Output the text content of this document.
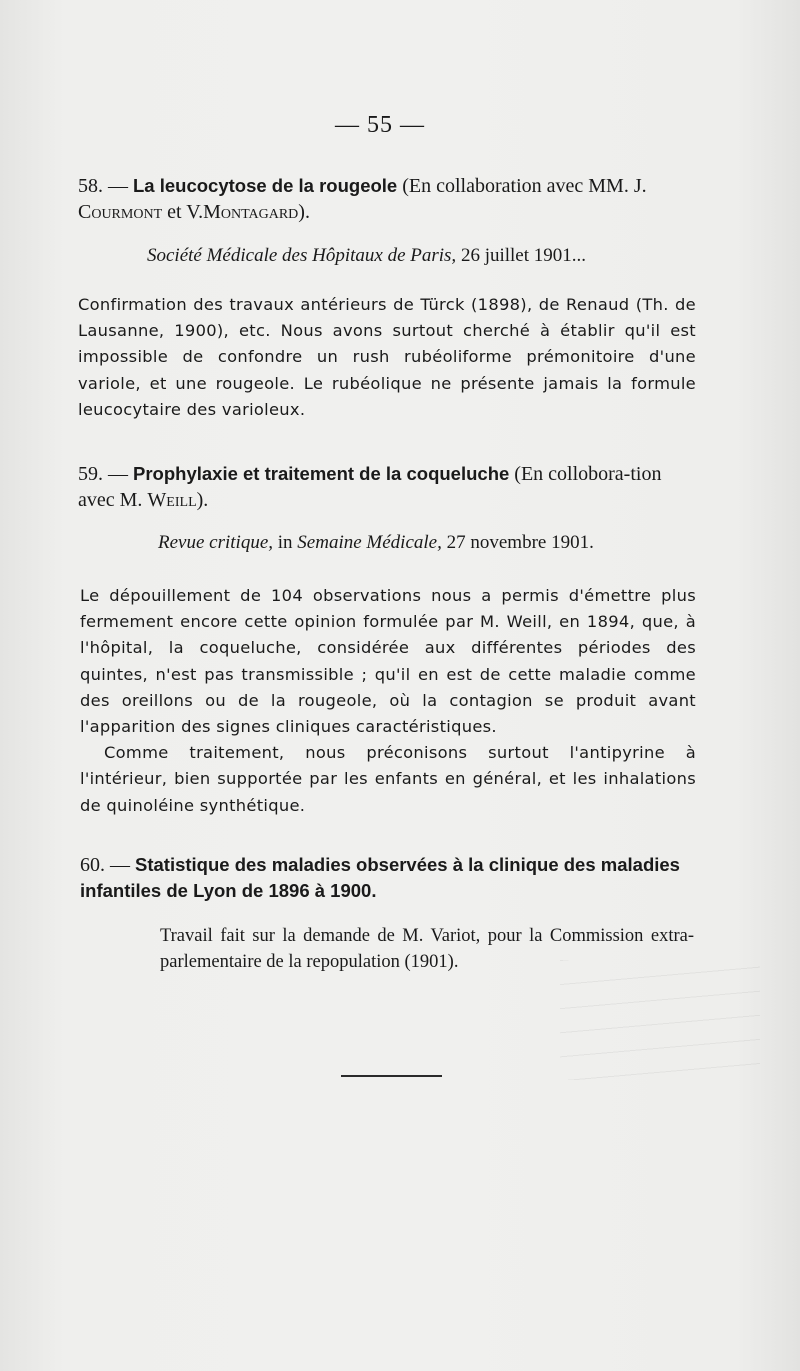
— 55 —
58. — La leucocytose de la rougeole (En collaboration avec MM. J. Courmont et V.Montagard).
Société Médicale des Hôpitaux de Paris, 26 juillet 1901...

Confirmation des travaux antérieurs de Türck (1898), de Renaud (Th. de Lausanne, 1900), etc. Nous avons surtout cherché à établir qu'il est impossible de confondre un rush rubéoliforme prémonitoire d'une variole, et une rougeole. Le rubéolique ne présente jamais la formule leucocytaire des varioleux.

59. — Prophylaxie et traitement de la coqueluche (En collobora-tion avec M. Weill).
Revue critique, in Semaine Médicale, 27 novembre 1901.

Le dépouillement de 104 observations nous a permis d'émettre plus fermement encore cette opinion formulée par M. Weill, en 1894, que, à l'hôpital, la coqueluche, considérée aux différentes périodes des quintes, n'est pas transmissible ; qu'il en est de cette maladie comme des oreillons ou de la rougeole, où la contagion se produit avant l'apparition des signes cliniques caractéristiques.

Comme traitement, nous préconisons surtout l'antipyrine à l'intérieur, bien supportée par les enfants en général, et les inhalations de quinoléine synthétique.

60. — Statistique des maladies observées à la clinique des maladies infantiles de Lyon de 1896 à 1900.
Travail fait sur la demande de M. Variot, pour la Commission extra-parlementaire de la repopulation (1901).
